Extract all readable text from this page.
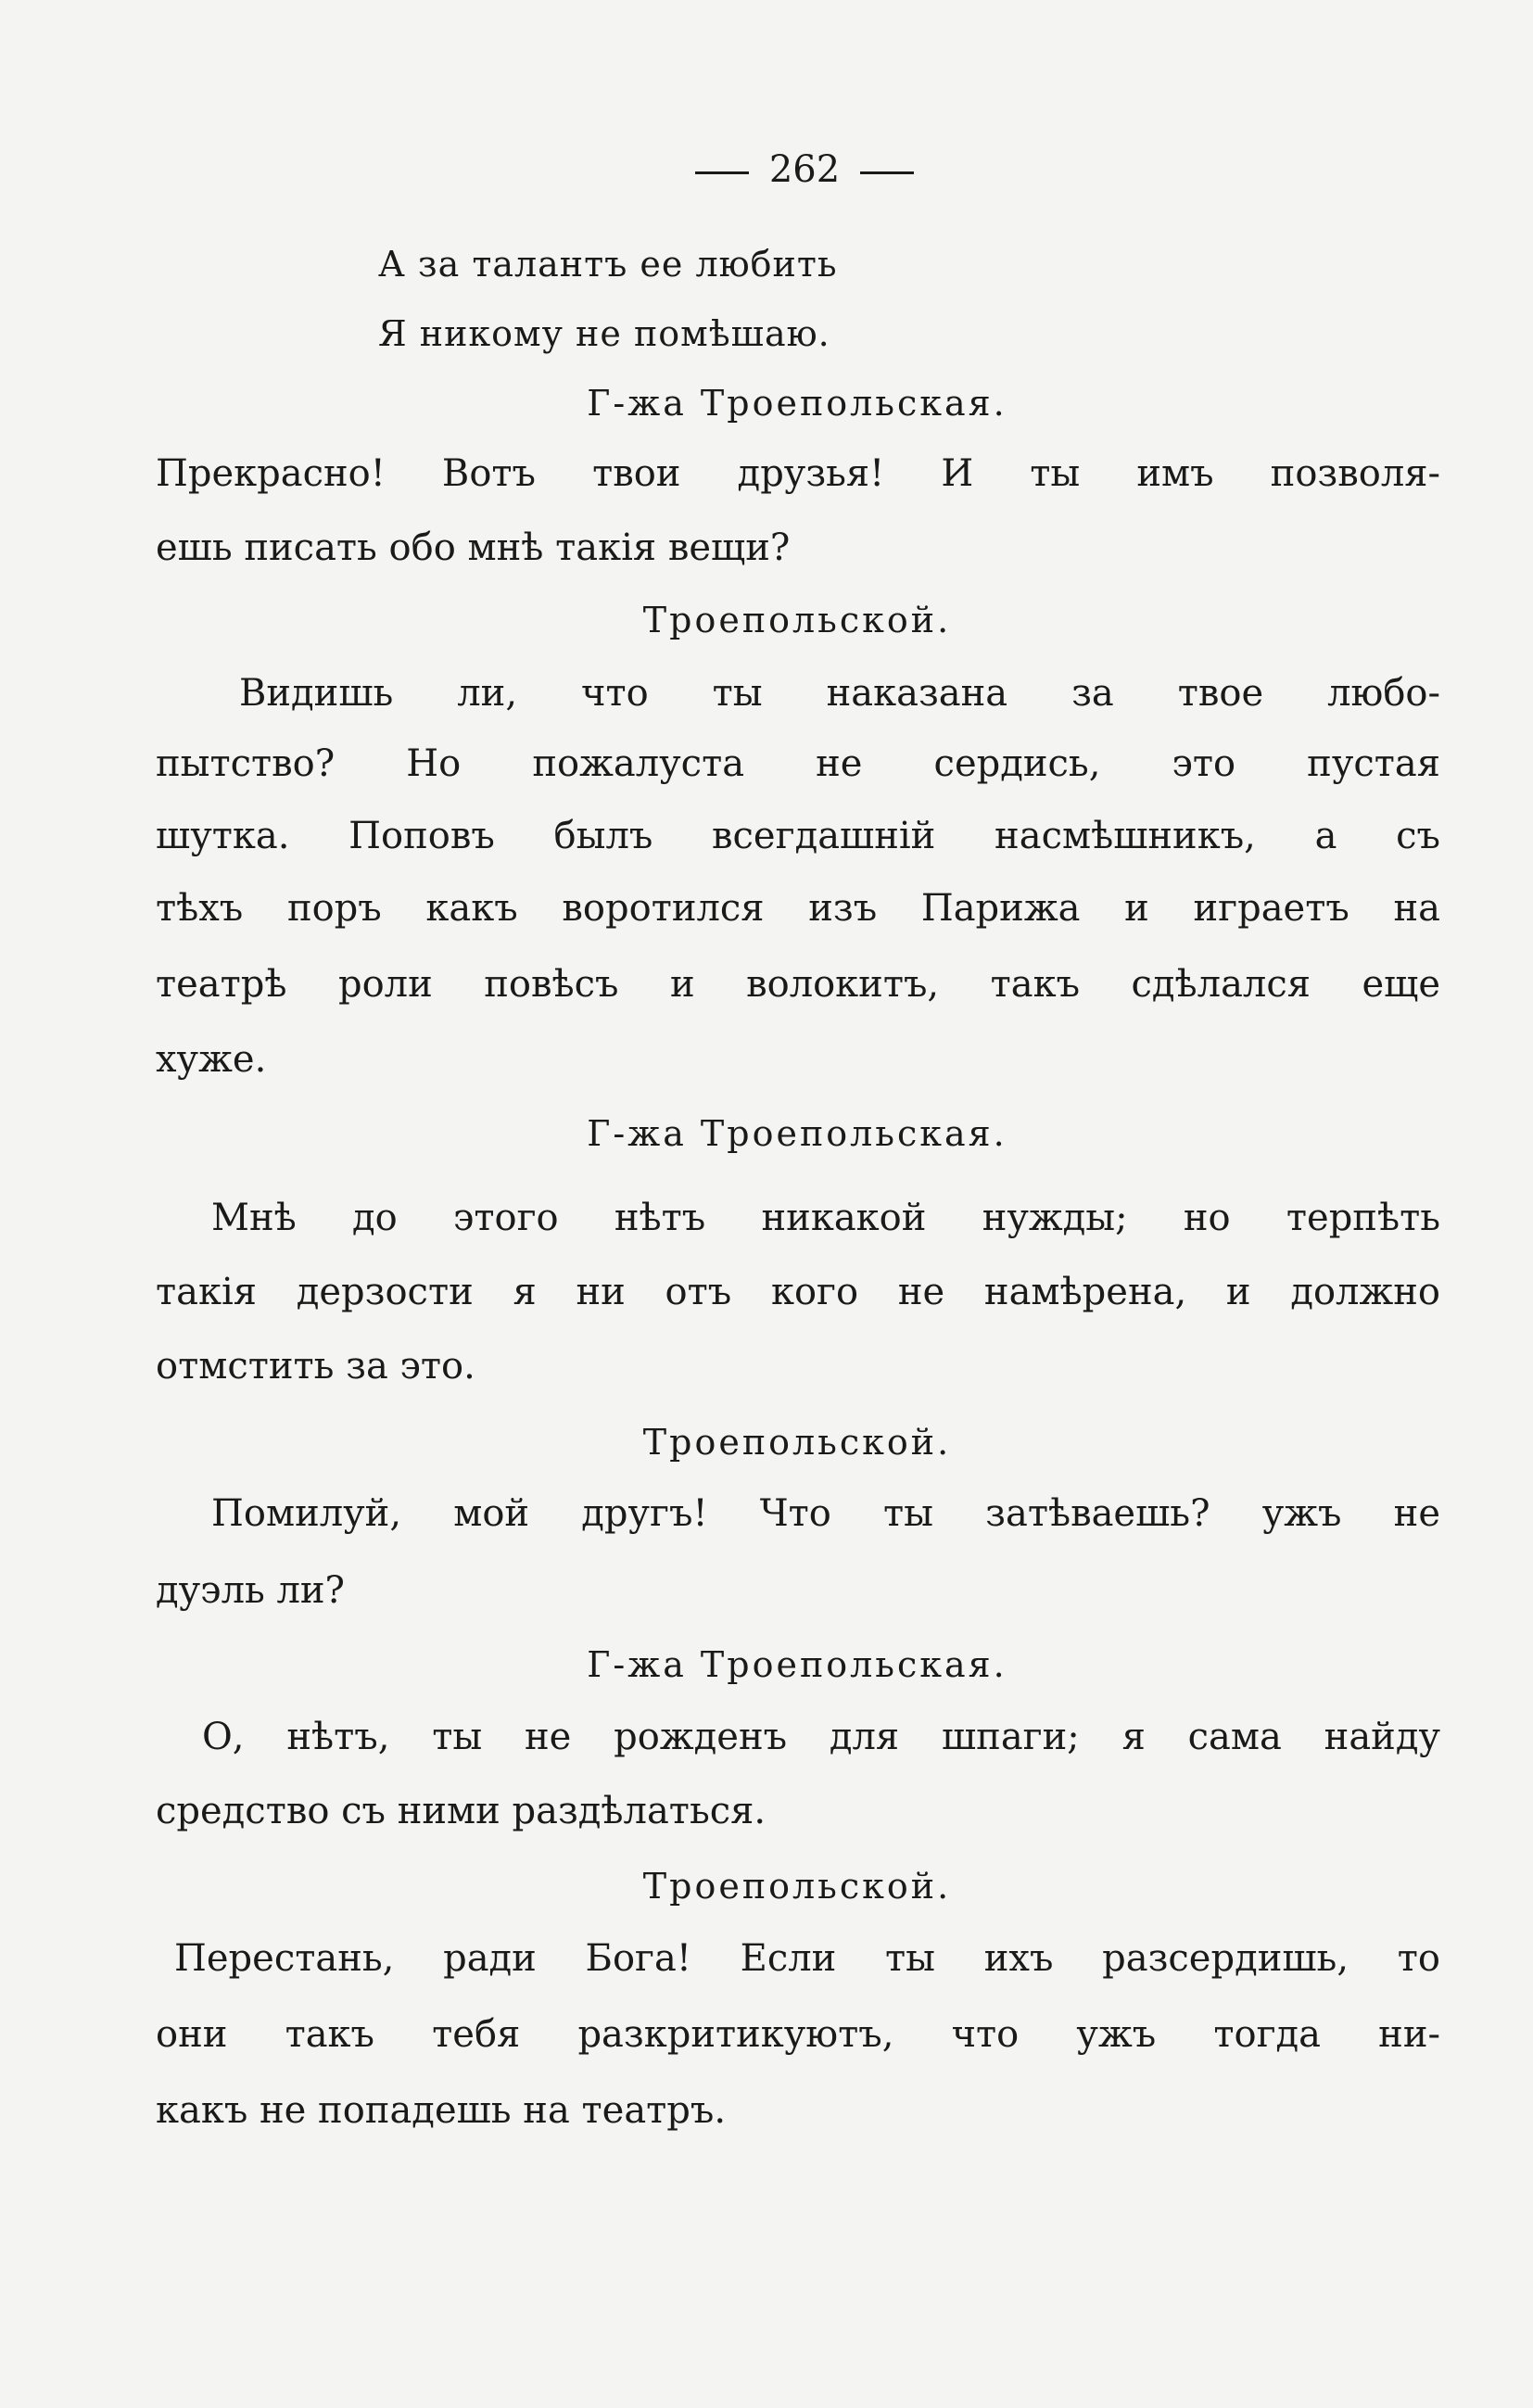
262
А за талантъ ее любить
Я никому не помѣшаю.
Г-жа Троепольская.
Прекрасно! Вотъ твои друзья! И ты имъ позволя-
ешь писать обо мнѣ такія вещи?
Троепольской.
Видишь ли, что ты наказана за твое любо-
пытство? Но пожалуста не сердись, это пустая
шутка. Поповъ былъ всегдашній насмѣшникъ, а съ
тѣхъ поръ какъ воротился изъ Парижа и играетъ на
театрѣ роли повѣсъ и волокитъ, такъ сдѣлался еще
хуже.
Г-жа Троепольская.
Мнѣ до этого нѣтъ никакой нужды; но терпѣть
такія дерзости я ни отъ кого не намѣрена, и должно
отмстить за это.
Троепольской.
Помилуй, мой другъ! Что ты затѣваешь? ужъ не
дуэль ли?
Г-жа Троепольская.
О, нѣтъ, ты не рожденъ для шпаги; я сама найду
средство съ ними раздѣлаться.
Троепольской.
Перестань, ради Бога! Если ты ихъ разсердишь, то
они такъ тебя разкритикуютъ, что ужъ тогда ни-
какъ не попадешь на театръ.
